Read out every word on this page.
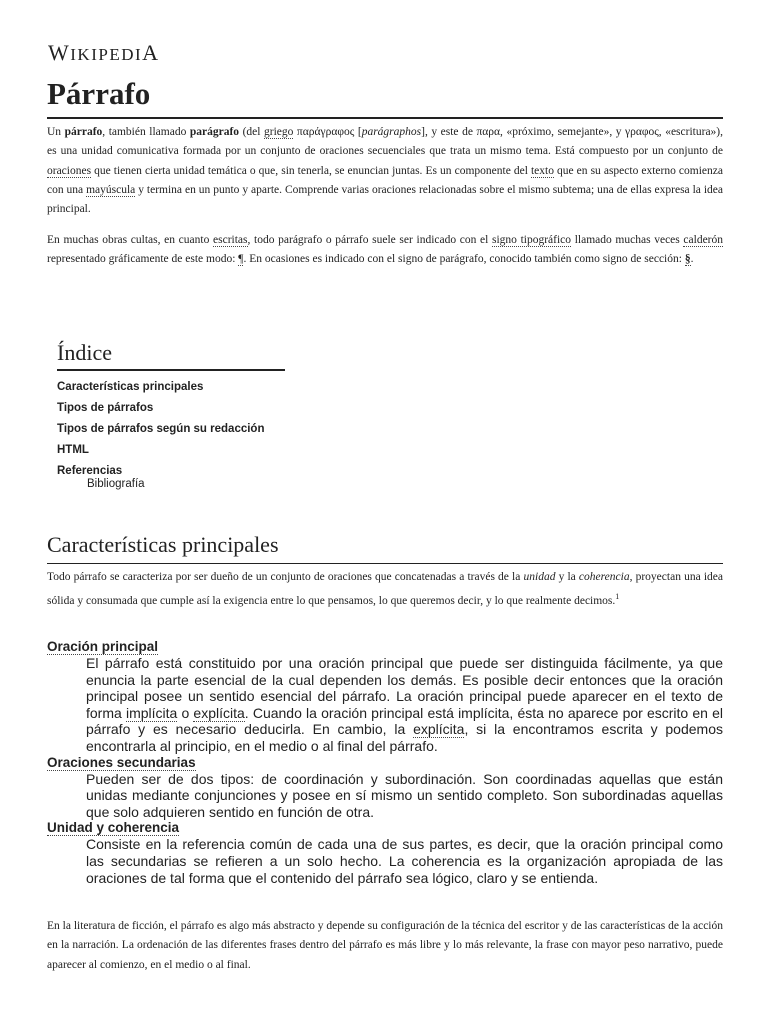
WIKIPEDIA
Párrafo

Un párrafo, también llamado parágrafo (del griego παράγραφος [parágraphos], y este de παρα, «próximo, semejante», y γραφος, «escritura»), es una unidad comunicativa formada por un conjunto de oraciones secuenciales que trata un mismo tema. Está compuesto por un conjunto de oraciones que tienen cierta unidad temática o que, sin tenerla, se enuncian juntas. Es un componente del texto que en su aspecto externo comienza con una mayúscula y termina en un punto y aparte. Comprende varias oraciones relacionadas sobre el mismo subtema; una de ellas expresa la idea principal.

En muchas obras cultas, en cuanto escritas, todo parágrafo o párrafo suele ser indicado con el signo tipográfico llamado muchas veces calderón representado gráficamente de este modo: ¶. En ocasiones es indicado con el signo de parágrafo, conocido también como signo de sección: §.

Índice
Características principales
Tipos de párrafos
Tipos de párrafos según su redacción
HTML
Referencias
Bibliografía
Características principales

Todo párrafo se caracteriza por ser dueño de un conjunto de oraciones que concatenadas a través de la unidad y la coherencia, proyectan una idea sólida y consumada que cumple así la exigencia entre lo que pensamos, lo que queremos decir, y lo que realmente decimos.$^1$

Oración principal
El párrafo está constituido por una oración principal que puede ser distinguida fácilmente, ya que enuncia la parte esencial de la cual dependen los demás. Es posible decir entonces que la oración principal posee un sentido esencial del párrafo. La oración principal puede aparecer en el texto de forma implícita o explícita. Cuando la oración principal está implícita, ésta no aparece por escrito en el párrafo y es necesario deducirla. En cambio, la explícita, si la encontramos escrita y podemos encontrarla al principio, en el medio o al final del párrafo.
Oraciones secundarias
Pueden ser de dos tipos: de coordinación y subordinación. Son coordinadas aquellas que están unidas mediante conjunciones y posee en sí mismo un sentido completo. Son subordinadas aquellas que solo adquieren sentido en función de otra.
Unidad y coherencia
Consiste en la referencia común de cada una de sus partes, es decir, que la oración principal como las secundarias se refieren a un solo hecho. La coherencia es la organización apropiada de las oraciones de tal forma que el contenido del párrafo sea lógico, claro y se entienda.

En la literatura de ficción, el párrafo es algo más abstracto y depende su configuración de la técnica del escritor y de las características de la acción en la narración. La ordenación de las diferentes frases dentro del párrafo es más libre y lo más relevante, la frase con mayor peso narrativo, puede aparecer al comienzo, en el medio o al final.
